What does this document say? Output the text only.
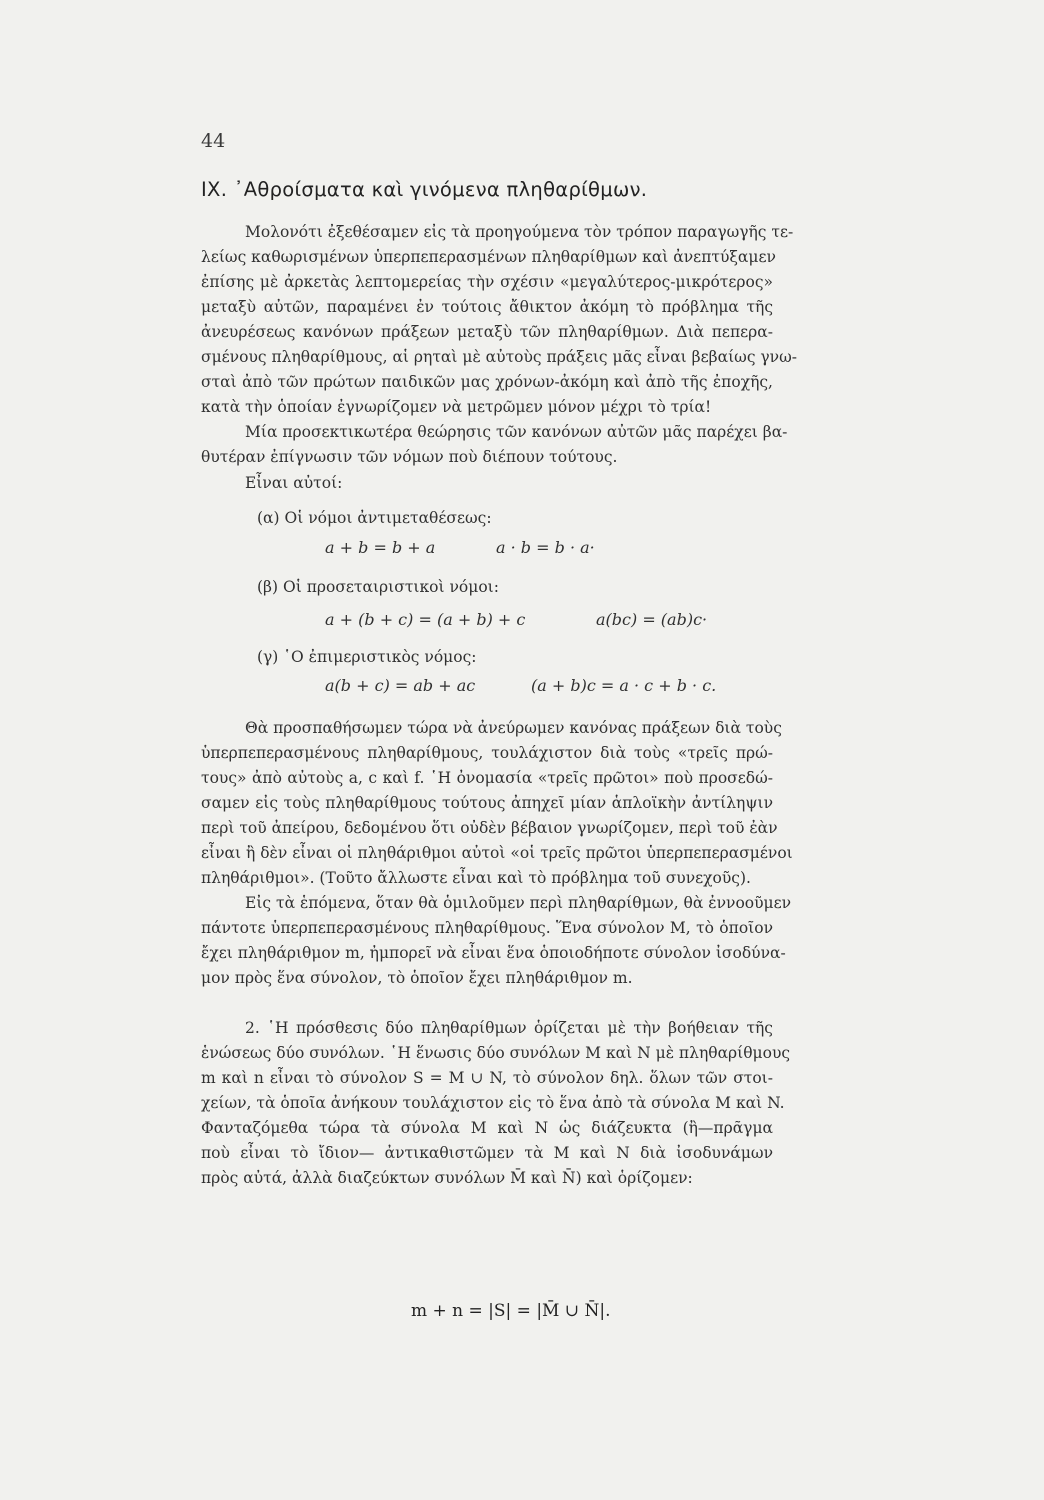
44
IX. ᾿Αθροίσματα καὶ γινόμενα πληθαρίθμων.
Μολονότι ἐξεθέσαμεν εἰς τὰ προηγούμενα τὸν τρόπον παραγωγῆς τε-
λείως καθωρισμένων ὑπερπεπερασμένων πληθαρίθμων καὶ ἀνεπτύξαμεν
ἐπίσης μὲ ἀρκετὰς λεπτομερείας τὴν σχέσιν «μεγαλύτερος-μικρότερος»
μεταξὺ αὐτῶν, παραμένει ἐν τούτοις ἄθικτον ἀκόμη τὸ πρόβλημα τῆς
ἀνευρέσεως κανόνων πράξεων μεταξὺ τῶν πληθαρίθμων. Διὰ πεπερα-
σμένους πληθαρίθμους, αἱ ρηταὶ μὲ αὐτοὺς πράξεις μᾶς εἶναι βεβαίως γνω-
σταὶ ἀπὸ τῶν πρώτων παιδικῶν μας χρόνων-ἀκόμη καὶ ἀπὸ τῆς ἐποχῆς,
κατὰ τὴν ὁποίαν ἐγνωρίζομεν νὰ μετρῶμεν μόνον μέχρι τὸ τρία!
Μία προσεκτικωτέρα θεώρησις τῶν κανόνων αὐτῶν μᾶς παρέχει βα-
θυτέραν ἐπίγνωσιν τῶν νόμων ποὺ διέπουν τούτους.
Εἶναι αὐτοί:
(α) Οἱ νόμοι ἀντιμεταθέσεως:
a + b = b + a	a · b = b · a·
(β) Οἱ προσεταιριστικοὶ νόμοι:
a + (b + c) = (a + b) + c	a(bc) = (ab)c·
(γ) ῾Ο ἐπιμεριστικὸς νόμος:
a(b + c) = ab + ac	(a + b)c = a · c + b · c.
Θὰ προσπαθήσωμεν τώρα νὰ ἀνεύρωμεν κανόνας πράξεων διὰ τοὺς
ὑπερπεπερασμένους πληθαρίθμους, τουλάχιστον διὰ τοὺς «τρεῖς πρώ-
τους» ἀπὸ αὐτοὺς a, c καὶ f. ῾Η ὀνομασία «τρεῖς πρῶτοι» ποὺ προσεδώ-
σαμεν εἰς τοὺς πληθαρίθμους τούτους ἀπηχεῖ μίαν ἁπλοϊκὴν ἀντίληψιν
περὶ τοῦ ἀπείρου, δεδομένου ὅτι οὐδὲν βέβαιον γνωρίζομεν, περὶ τοῦ ἐὰν
εἶναι ἢ δὲν εἶναι οἱ πληθάριθμοι αὐτοὶ «οἱ τρεῖς πρῶτοι ὑπερπεπερασμένοι
πληθάριθμοι». (Τοῦτο ἄλλωστε εἶναι καὶ τὸ πρόβλημα τοῦ συνεχοῦς).
Εἰς τὰ ἑπόμενα, ὅταν θὰ ὁμιλοῦμεν περὶ πληθαρίθμων, θὰ ἐννοοῦμεν
πάντοτε ὑπερπεπερασμένους πληθαρίθμους. Ἕνα σύνολον M, τὸ ὁποῖον
ἔχει πληθάριθμον m, ἠμπορεῖ νὰ εἶναι ἕνα ὁποιοδήποτε σύνολον ἰσοδύνα-
μον πρὸς ἕνα σύνολον, τὸ ὁποῖον ἔχει πληθάριθμον m.
2. ῾Η πρόσθεσις δύο πληθαρίθμων ὁρίζεται μὲ τὴν βοήθειαν τῆς
ἑνώσεως δύο συνόλων. ῾Η ἕνωσις δύο συνόλων M καὶ N μὲ πληθαρίθμους
m καὶ n εἶναι τὸ σύνολον S = M ∪ N, τὸ σύνολον δηλ. ὅλων τῶν στοι-
χείων, τὰ ὁποῖα ἀνήκουν τουλάχιστον εἰς τὸ ἕνα ἀπὸ τὰ σύνολα M καὶ N.
Φανταζόμεθα τώρα τὰ σύνολα M καὶ N ὡς διάζευκτα (ἢ—πρᾶγμα
ποὺ εἶναι τὸ ἴδιον— ἀντικαθιστῶμεν τὰ M καὶ N διὰ ἰσοδυνάμων
πρὸς αὐτά, ἀλλὰ διαζεύκτων συνόλων M̄ καὶ N̄) καὶ ὁρίζομεν:
m + n = |S| = |M̄ ∪ N̄|.
